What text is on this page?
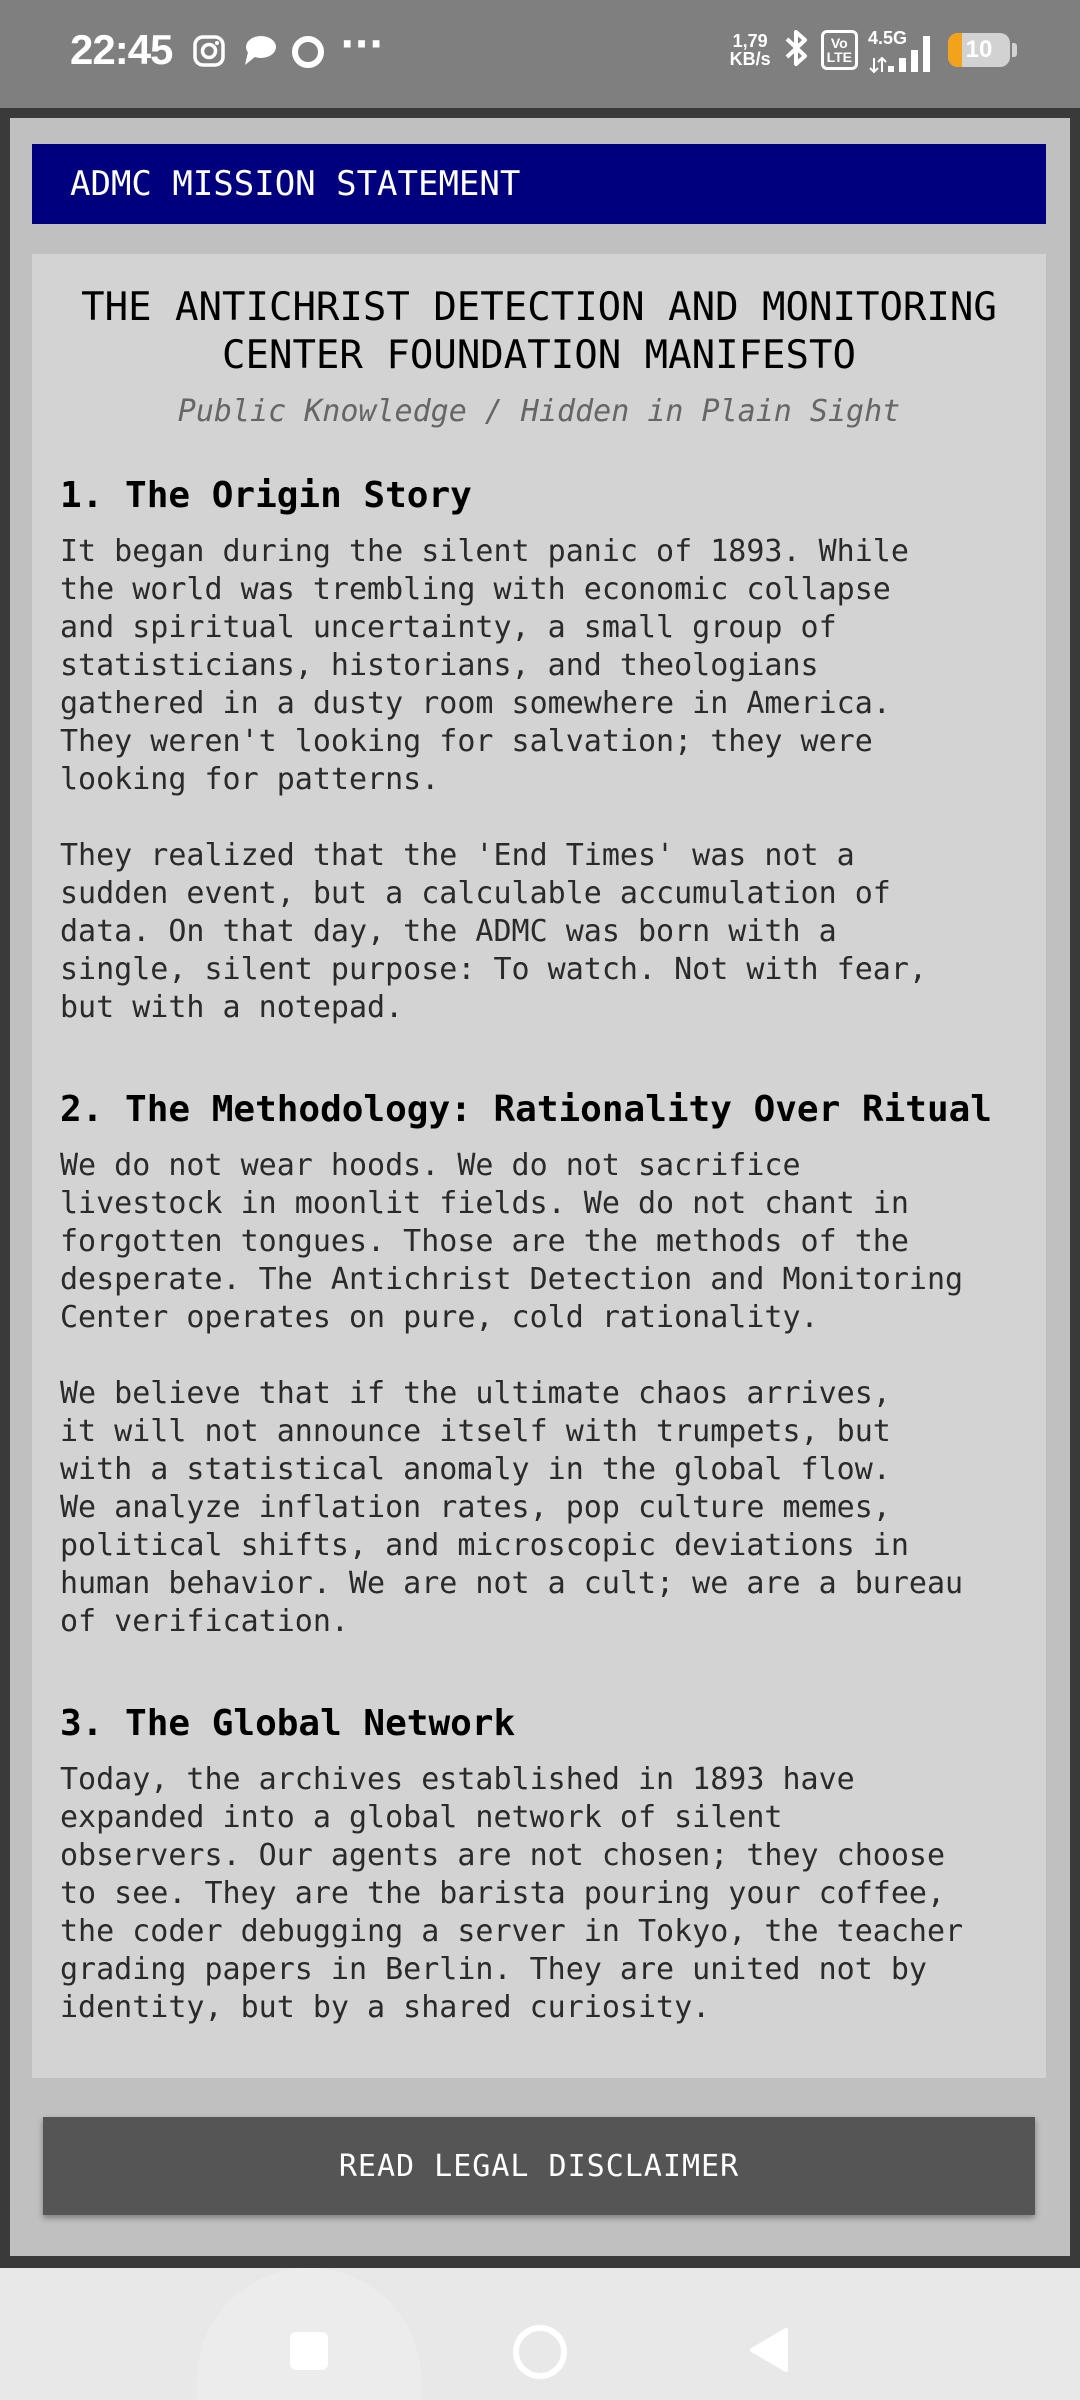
22:45	···	1,79
KB/s
Vo
LTE
4.5G 10
ADMC MISSION STATEMENT
THE ANTICHRIST DETECTION AND MONITORING CENTER FOUNDATION MANIFESTO
Public Knowledge / Hidden in Plain Sight
1. The Origin Story

It began during the silent panic of 1893. While
the world was trembling with economic collapse
and spiritual uncertainty, a small group of
statisticians, historians, and theologians
gathered in a dusty room somewhere in America.
They weren't looking for salvation; they were
looking for patterns.

They realized that the 'End Times' was not a
sudden event, but a calculable accumulation of
data. On that day, the ADMC was born with a
single, silent purpose: To watch. Not with fear,
but with a notepad.

2. The Methodology: Rationality Over Ritual

We do not wear hoods. We do not sacrifice
livestock in moonlit fields. We do not chant in
forgotten tongues. Those are the methods of the
desperate. The Antichrist Detection and Monitoring
Center operates on pure, cold rationality.

We believe that if the ultimate chaos arrives,
it will not announce itself with trumpets, but
with a statistical anomaly in the global flow.
We analyze inflation rates, pop culture memes,
political shifts, and microscopic deviations in
human behavior. We are not a cult; we are a bureau
of verification.

3. The Global Network

Today, the archives established in 1893 have
expanded into a global network of silent
observers. Our agents are not chosen; they choose
to see. They are the barista pouring your coffee,
the coder debugging a server in Tokyo, the teacher
grading papers in Berlin. They are united not by
identity, but by a shared curiosity.

READ LEGAL DISCLAIMER
